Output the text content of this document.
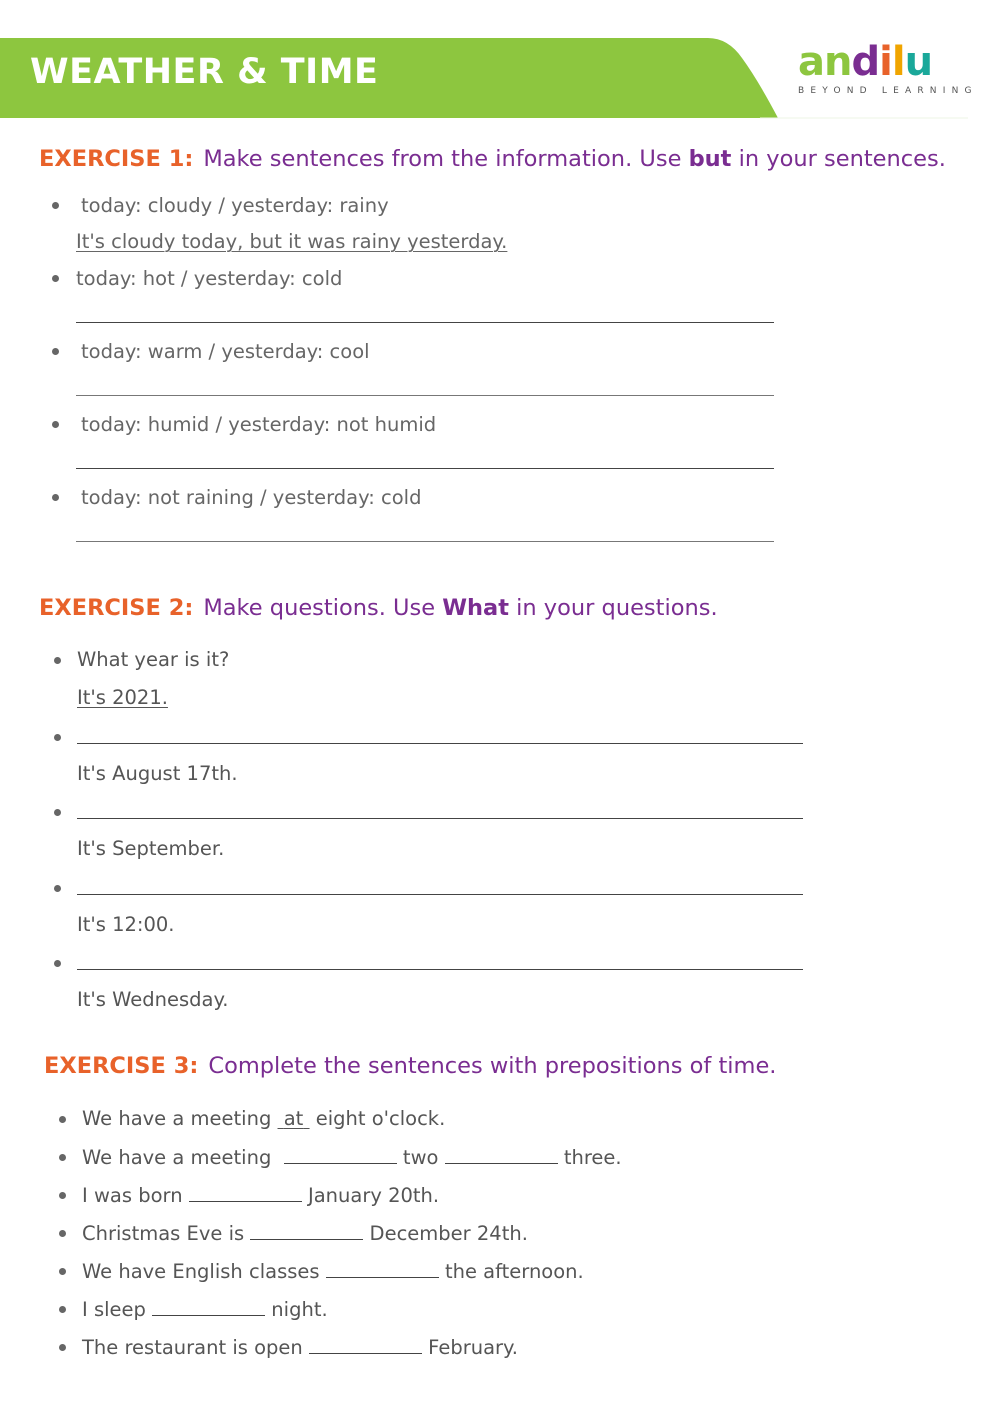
WEATHER & TIME	andilu
BEYOND LEARNING
EXERCISE 1: Make sentences from the information. Use but in your sentences.
today: cloudy / yesterday: rainy
It's cloudy today, but it was rainy yesterday.
today: hot / yesterday: cold
today: warm / yesterday: cool
today: humid / yesterday: not humid
today: not raining / yesterday: cold
EXERCISE 2: Make questions. Use What in your questions.
What year is it?
It's 2021.
It's August 17th.
It's September.
It's 12:00.
It's Wednesday.
EXERCISE 3: Complete the sentences with prepositions of time.
We have a meeting  at  eight o'clock.
We have a meeting	two	three.
I was born	January 20th.
Christmas Eve is	December 24th.
We have English classes	the afternoon.
I sleep	night.
The restaurant is open	February.
